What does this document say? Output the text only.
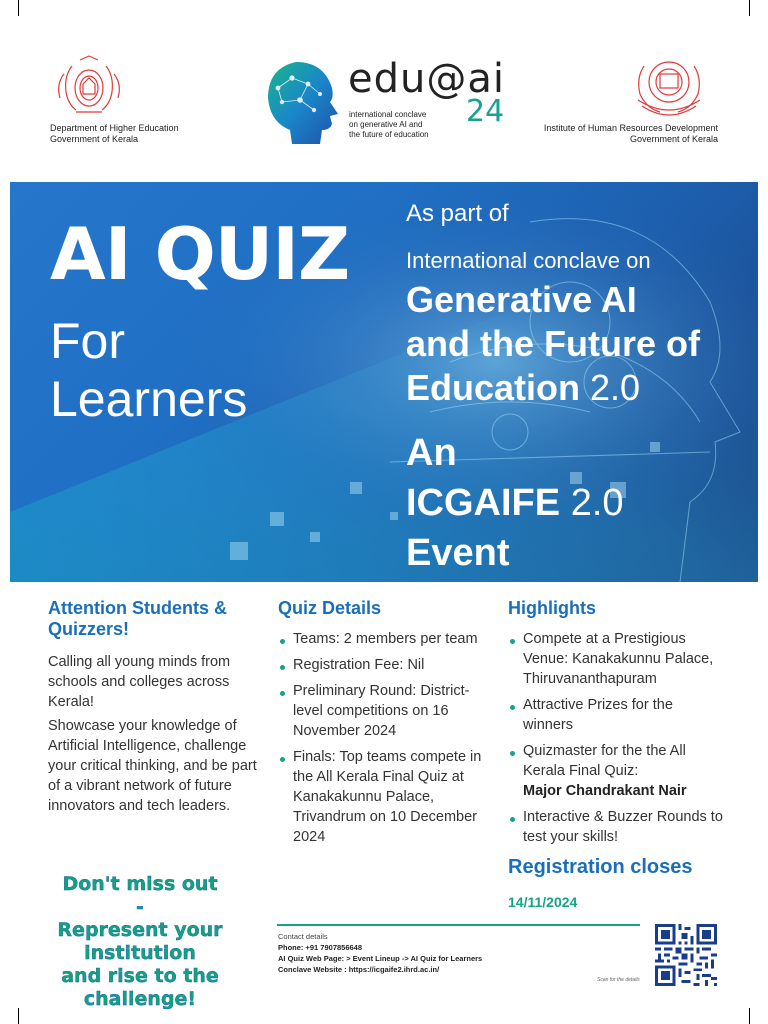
Department of Higher Education
Government of Kerala
edu@ai
24
international conclave
on generative AI and
the future of education
Institute of Human Resources Development
Government of Kerala
AI QUIZ
For
Learners
As part of
International conclave on
Generative AI
and the Future of
Education 2.0
An
ICGAIFE 2.0
Event
Attention Students & Quizzers!

Calling all young minds from schools and colleges across Kerala!

Showcase your knowledge of Artificial Intelligence, challenge your critical thinking, and be part of a vibrant network of future innovators and tech leaders.

Quiz Details
Teams: 2 members per team
Registration Fee: Nil
Preliminary Round: District-level competitions on 16 November 2024
Finals: Top teams compete in the All Kerala Final Quiz at Kanakakunnu Palace, Trivandrum on 10 December 2024
Highlights
Compete at a Prestigious Venue: Kanakakunnu Palace, Thiruvananthapuram
Attractive Prizes for the winners
Quizmaster for the the All Kerala Final Quiz:
Major Chandrakant Nair
Interactive & Buzzer Rounds to test your skills!
Registration closes
14/11/2024
Don't miss out -
Represent your
institution
and rise to the
challenge!
Contact details
Phone: +91 7907856648
AI Quiz Web Page: > Event Lineup -> AI Quiz for Learners
Conclave Website : https://icgaife2.ihrd.ac.in/
Scan for the details
